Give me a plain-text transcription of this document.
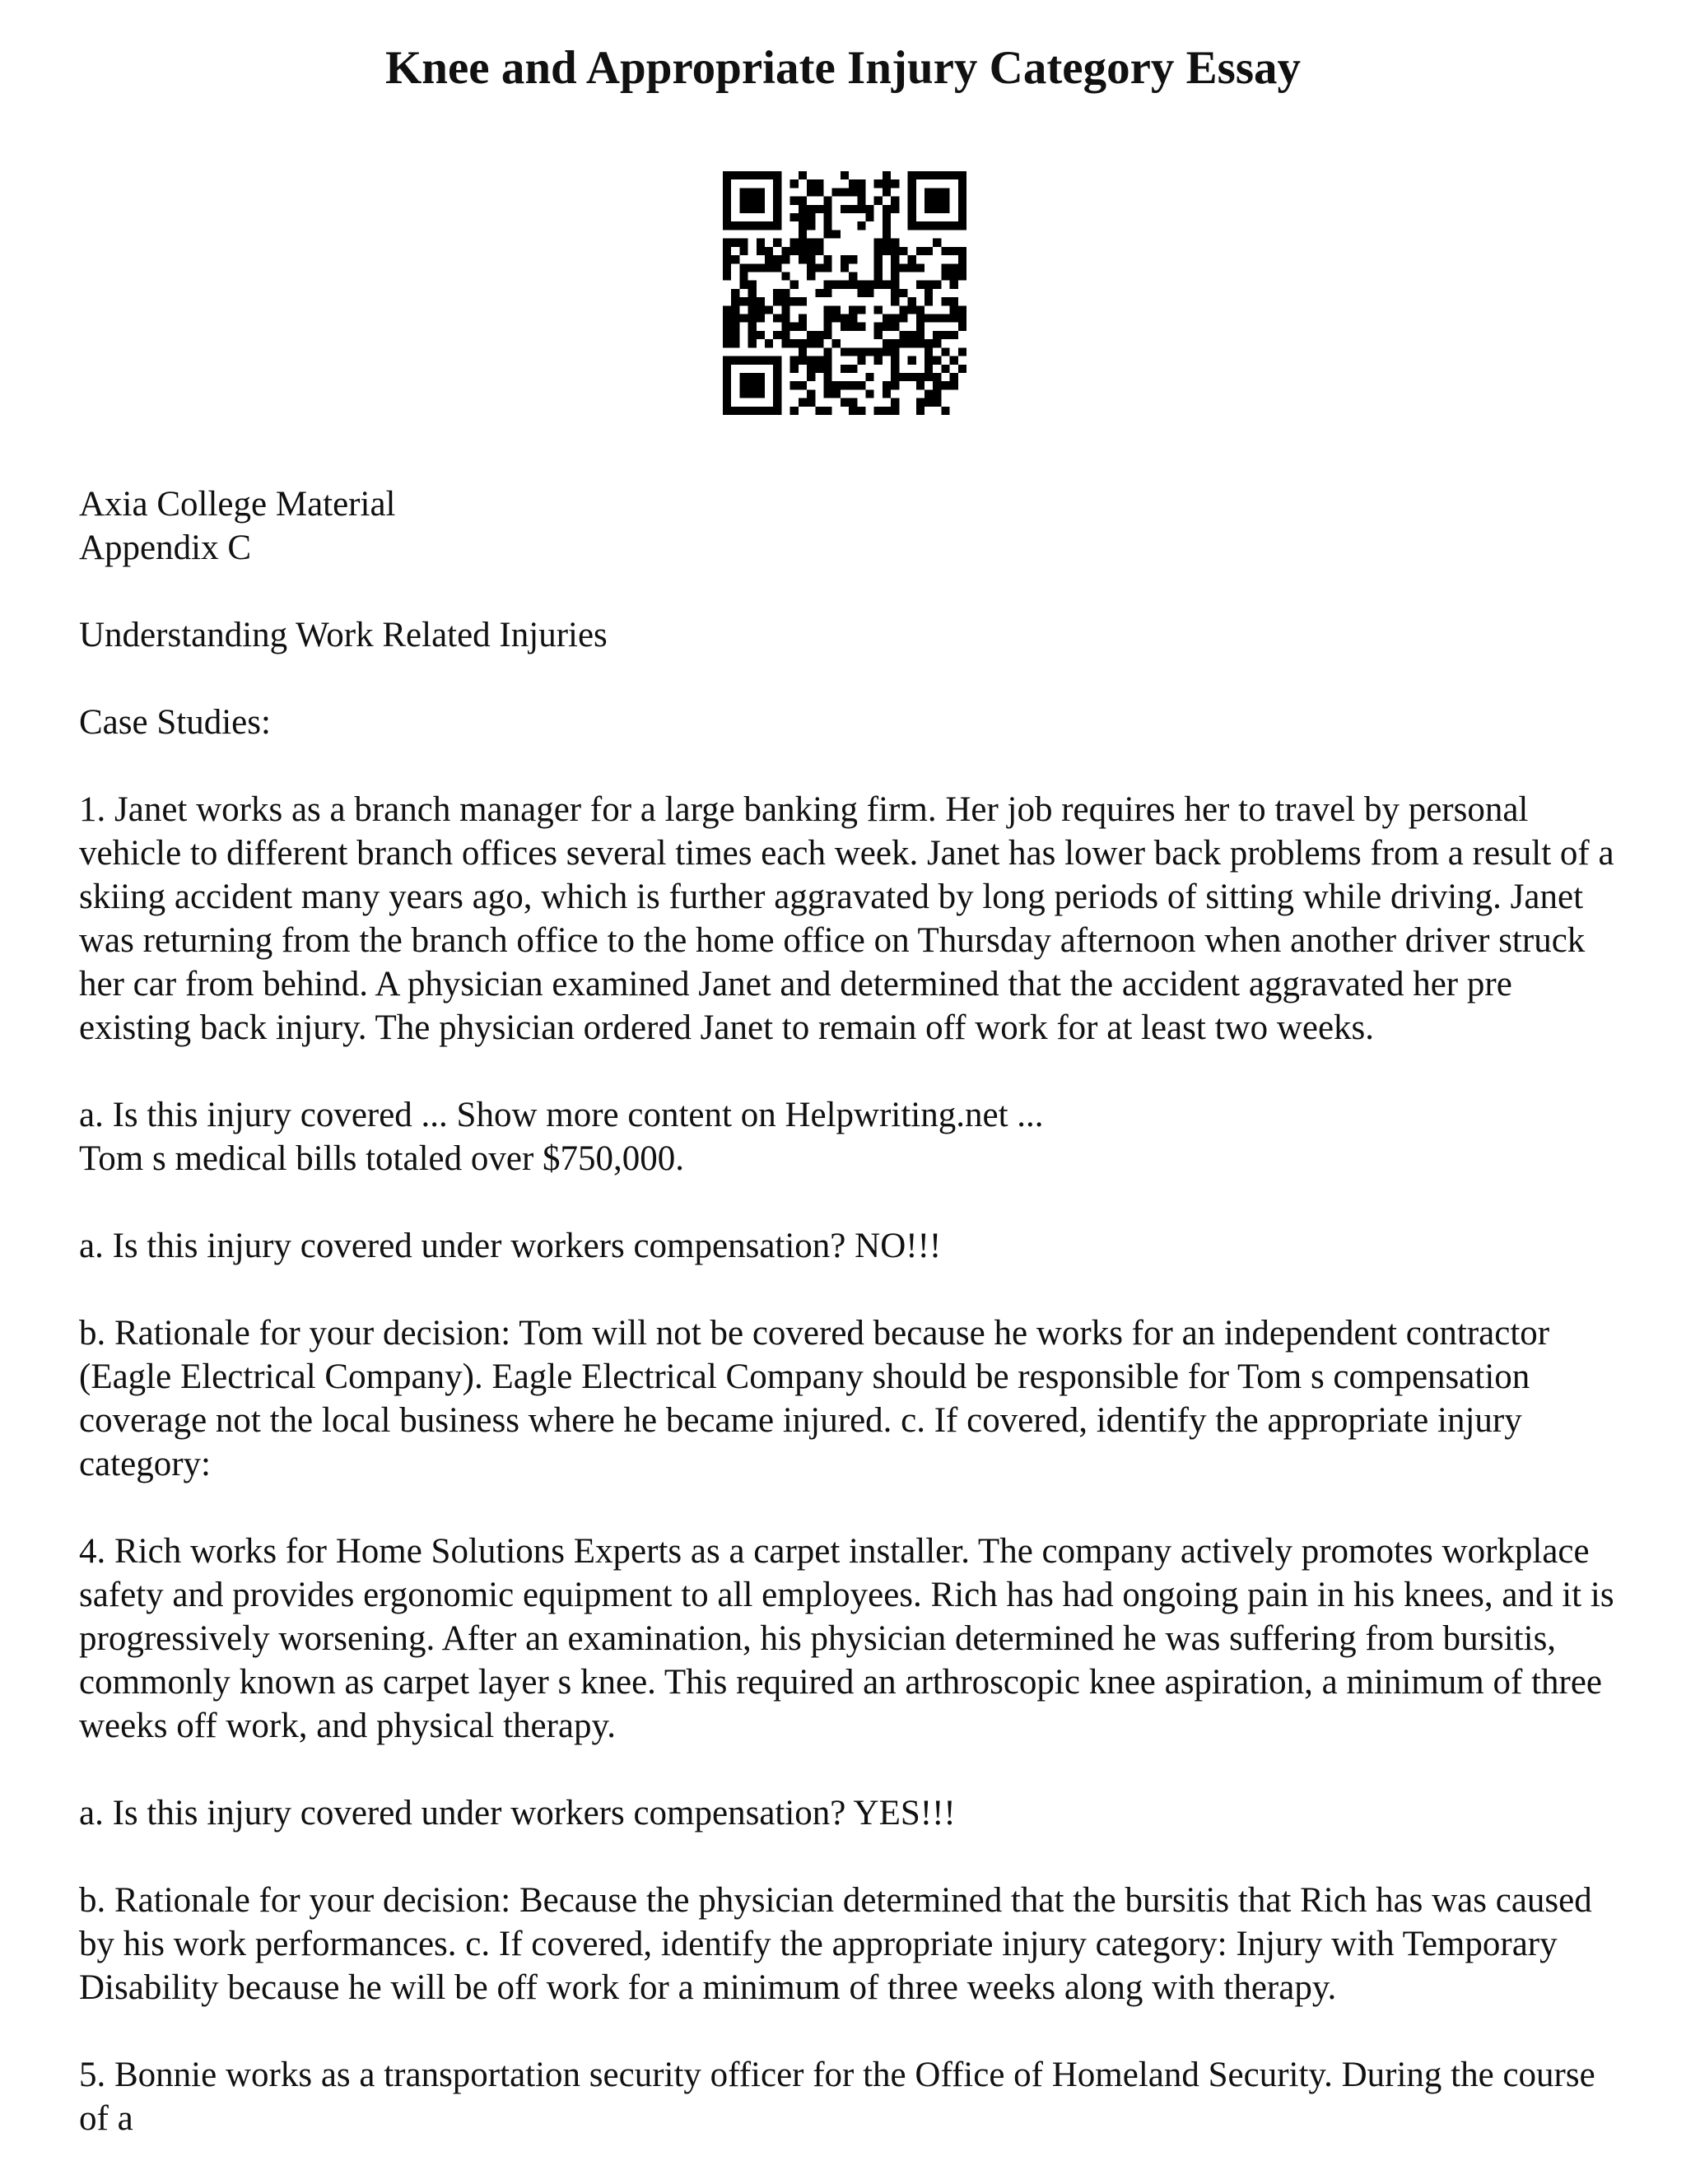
Knee and Appropriate Injury Category Essay

Axia College Material

Appendix C

Understanding Work Related Injuries

Case Studies:

1. Janet works as a branch manager for a large banking firm. Her job requires her to travel by personal vehicle to different branch offices several times each week. Janet has lower back problems from a result of a skiing accident many years ago, which is further aggravated by long periods of sitting while driving. Janet was returning from the branch office to the home office on Thursday afternoon when another driver struck her car from behind. A physician examined Janet and determined that the accident aggravated her pre existing back injury. The physician ordered Janet to remain off work for at least two weeks.

a. Is this injury covered ... Show more content on Helpwriting.net ...

Tom s medical bills totaled over $750,000.

a. Is this injury covered under workers compensation? NO!!!

b. Rationale for your decision: Tom will not be covered because he works for an independent contractor (Eagle Electrical Company). Eagle Electrical Company should be responsible for Tom s compensation coverage not the local business where he became injured. c. If covered, identify the appropriate injury category:

4. Rich works for Home Solutions Experts as a carpet installer. The company actively promotes workplace safety and provides ergonomic equipment to all employees. Rich has had ongoing pain in his knees, and it is progressively worsening. After an examination, his physician determined he was suffering from bursitis, commonly known as carpet layer s knee. This required an arthroscopic knee aspiration, a minimum of three weeks off work, and physical therapy.

a. Is this injury covered under workers compensation? YES!!!

b. Rationale for your decision: Because the physician determined that the bursitis that Rich has was caused by his work performances. c. If covered, identify the appropriate injury category: Injury with Temporary Disability because he will be off work for a minimum of three weeks along with therapy.

5. Bonnie works as a transportation security officer for the Office of Homeland Security. During the course of a
